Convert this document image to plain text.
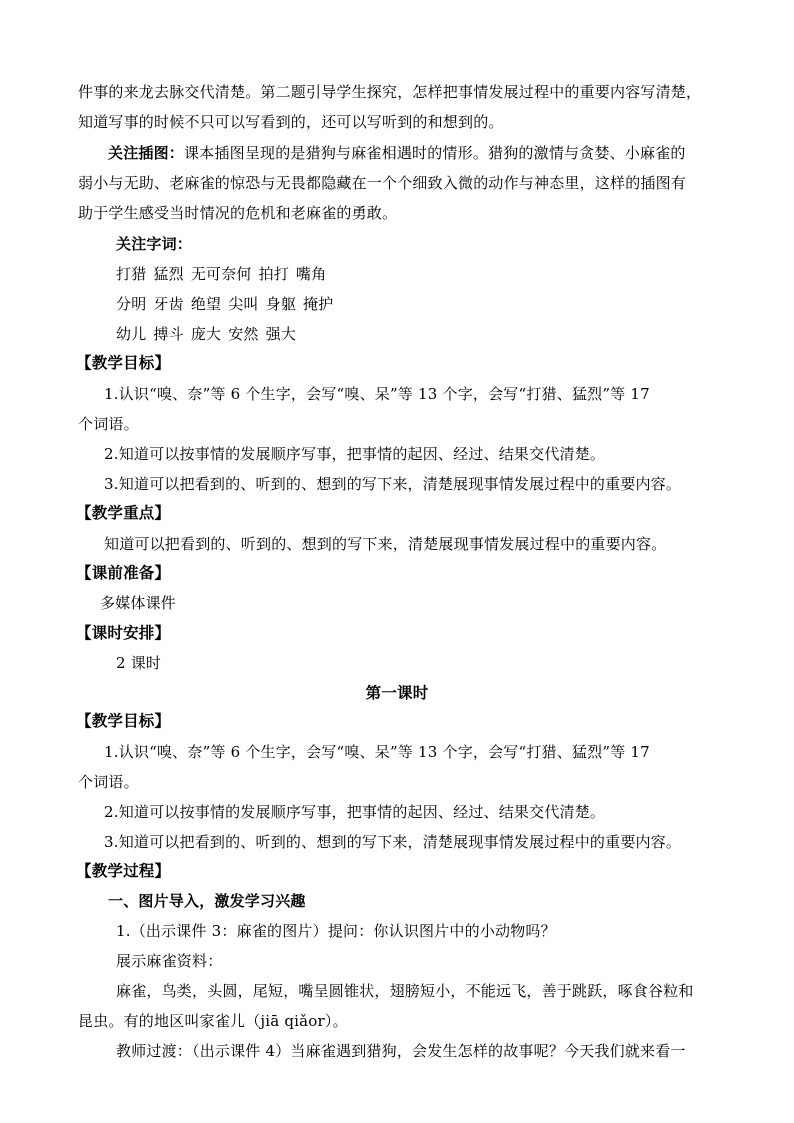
件事的来龙去脉交代清楚。第二题引导学生探究，怎样把事情发展过程中的重要内容写清楚，
知道写事的时候不只可以写看到的，还可以写听到的和想到的。
关注插图：课本插图呈现的是猎狗与麻雀相遇时的情形。猎狗的激情与贪婪、小麻雀的
弱小与无助、老麻雀的惊恐与无畏都隐藏在一个个细致入微的动作与神态里，这样的插图有
助于学生感受当时情况的危机和老麻雀的勇敢。
关注字词：
打猎 猛烈 无可奈何 拍打 嘴角
分明 牙齿 绝望 尖叫 身躯 掩护
幼儿 搏斗 庞大 安然 强大
【教学目标】
1.认识“嗅、奈”等 6 个生字，会写“嗅、呆”等 13 个字，会写“打猎、猛烈”等 17
个词语。
2.知道可以按事情的发展顺序写事，把事情的起因、经过、结果交代清楚。
3.知道可以把看到的、听到的、想到的写下来，清楚展现事情发展过程中的重要内容。
【教学重点】
知道可以把看到的、听到的、想到的写下来，清楚展现事情发展过程中的重要内容。
【课前准备】
多媒体课件
【课时安排】
2 课时
第一课时
【教学目标】
1.认识“嗅、奈”等 6 个生字，会写“嗅、呆”等 13 个字，会写“打猎、猛烈”等 17
个词语。
2.知道可以按事情的发展顺序写事，把事情的起因、经过、结果交代清楚。
3.知道可以把看到的、听到的、想到的写下来，清楚展现事情发展过程中的重要内容。
【教学过程】
一、图片导入，激发学习兴趣
1.（出示课件 3：麻雀的图片）提问：你认识图片中的小动物吗？
展示麻雀资料：
麻雀，鸟类，头圆，尾短，嘴呈圆锥状，翅膀短小，不能远飞，善于跳跃，啄食谷粒和
昆虫。有的地区叫家雀儿（jiā qiǎor）。
教师过渡：（出示课件 4）当麻雀遇到猎狗，会发生怎样的故事呢？今天我们就来看一
